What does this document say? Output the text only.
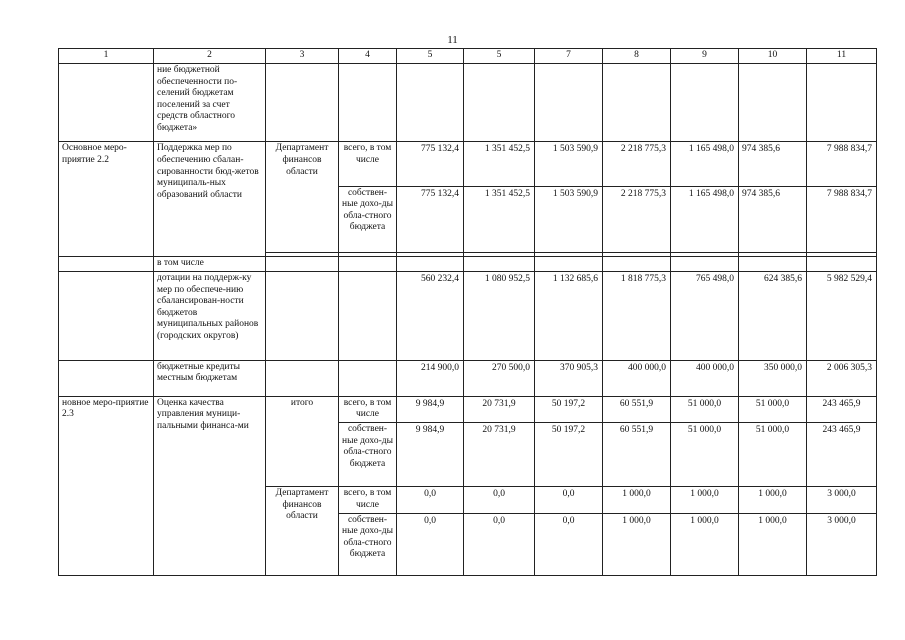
11
1	2	3	4	5	5	7	8	9	10	11
	ние бюджетной обеспеченности по-селений бюджетам поселений за счет средств областного бюджета»									
Основное меро-приятие 2.2	Поддержка мер по обеспечению сбалан-сированности бюд-жетов муниципаль-ных образований области	Департамент финансов области	всего, в том числе	775 132,4	1 351 452,5	1 503 590,9	2 218 775,3	1 165 498,0	974 385,6	7 988 834,7
			собствен-ные дохо-ды обла-стного бюджета	775 132,4	1 351 452,5	1 503 590,9	2 218 775,3	1 165 498,0	974 385,6	7 988 834,7

	в том числе									
	дотации на поддерж-ку мер по обеспече-нию сбалансирован-ности бюджетов муниципальных районов (городских округов)			560 232,4	1 080 952,5	1 132 685,6	1 818 775,3	765 498,0	624 385,6	5 982 529,4
	бюджетные кредиты местным бюджетам			214 900,0	270 500,0	370 905,3	400 000,0	400 000,0	350 000,0	2 006 305,3
новное меро-приятие 2.3	Оценка качества управления муници-пальными финанса-ми	итого	всего, в том числе	9 984,9	20 731,9	50 197,2	60 551,9	51 000,0	51 000,0	243 465,9
			собствен-ные дохо-ды обла-стного бюджета	9 984,9	20 731,9	50 197,2	60 551,9	51 000,0	51 000,0	243 465,9
		Департамент финансов области	всего, в том числе	0,0	0,0	0,0	1 000,0	1 000,0	1 000,0	3 000,0
			собствен-ные дохо-ды обла-стного бюджета	0,0	0,0	0,0	1 000,0	1 000,0	1 000,0	3 000,0
